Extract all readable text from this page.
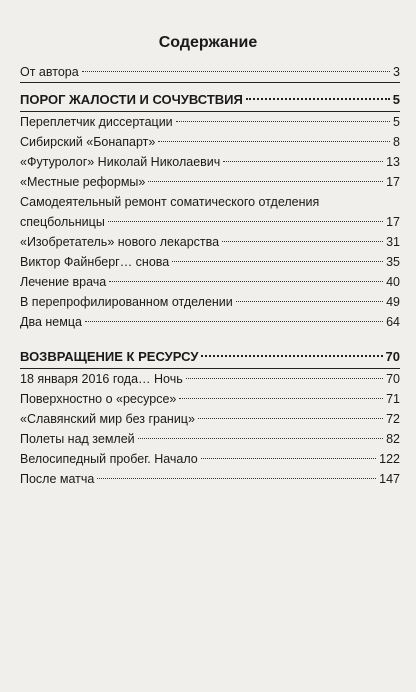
Содержание
От автора	3
ПОРОГ ЖАЛОСТИ И СОЧУВСТВИЯ	5
Переплетчик диссертации	5
Сибирский «Бонапарт»	8
«Футуролог» Николай Николаевич	13
«Местные реформы»	17
Самодеятельный ремонт соматического отделения
спецбольницы	17
«Изобретатель» нового лекарства	31
Виктор Файнберг… снова	35
Лечение врача	40
В перепрофилированном отделении	49
Два немца	64
ВОЗВРАЩЕНИЕ К РЕСУРСУ	70
18 января 2016 года… Ночь	70
Поверхностно о «ресурсе»	71
«Славянский мир без границ»	72
Полеты над землей	82
Велосипедный пробег. Начало	122
После матча	147
